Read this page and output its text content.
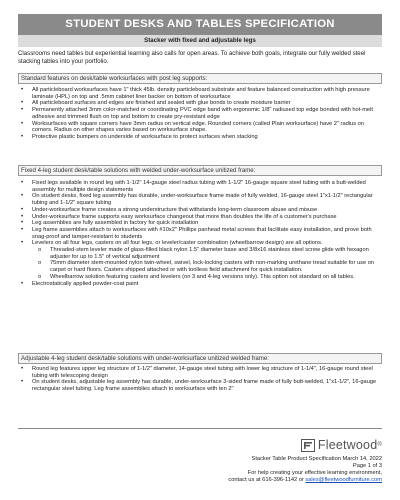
STUDENT DESKS AND TABLES SPECIFICATION
Stacker with fixed and adjustable legs
Classrooms need tables but experiential learning also calls for open areas. To achieve both goals, integrate our fully welded steel stacking tables into your portfolio.
Standard features on desk/table worksurfaces with post leg supports:
• All particleboard worksurfaces have 1" thick 45lb. density particleboard substrate and feature balanced construction with high pressure laminate (HPL) on top and .5mm cabinet liner backer on bottom of worksurface
• All particleboard surfaces and edges are finished and sealed with glue bonds to create moisture barrier
• Permanently attached 3mm color-matched or coordinating PVC edge band with ergonomic 1/8" radiused top edge bonded with hot-melt adhesive and trimmed flush on top and bottom to create pry-resistant edge
• Worksurfaces with square corners have 3mm radius on vertical edge. Rounded corners (called Plain worksurface) have 2" radius on corners. Radius on other shapes varies based on worksurface shape.
• Protective plastic bumpers on underside of worksurface to protect surfaces when stacking
Fixed 4-leg student desk/table solutions with welded under-worksurface unitized frame:
• Fixed legs available in round leg with 1-1/2" 14-gauge steel radius tubing with 1-1/2" 16-gauge square steel tubing with a butt-welded assembly for multiple design statements
• On student desks, fixed leg assembly has durable, under-worksurface frame made of fully welded, 16-gauge steel 1"x1-1/2" rectangular tubing and 1-1/2" square tubing
• Under-worksurface frame creates a strong understructure that withstands long-term classroom abuse and misuse
• Under-worksurface frame supports easy worksurface changeout that more than doubles the life of a customer's purchase
• Leg assemblies are fully assembled in factory for quick installation
• Leg frame assemblies attach to worksurfaces with #10x2" Phillips panhead metal screws that facilitate easy installation, and prove both snag-proof and tamper-resistant to students
• Levelers on all four legs, casters on all four legs, or leveler/caster combination (wheelbarrow design) are all options.
o Threaded-stem leveler made of glass-filled black nylon 1.5" diameter base and 3/8x16 stainless steel screw glide with hexagon adjuster for up to 1.5" of vertical adjustment
o 75mm diameter stem-mounted nylon twin-wheel, swivel, lock-locking casters with non-marking urethane tread suitable for use on carpet or hard floors. Casters shipped attached or with toolless field attachment for quick installation.
o Wheelbarrow solution featuring casters and levelers (on 3 and 4-leg versions only). This option not standard on all tables.
• Electrostatically applied powder-coat paint
Adjustable 4-leg student desk/table solutions with under-worksurface unitized welded frame:
• Round leg features upper leg structure of 1-1/2" diameter, 14-gauge steel tubing with lower leg structure of 1-1/4", 16-gauge round steel tubing with telescoping design
• On student desks, adjustable leg assembly has durable, under-worksurface 3-sided frame made of fully butt-welded, 1"x1-1/2", 16-gauge rectangular steel tubing. Leg frame assemblies attach to worksurface with ten 2"
Fleetwood ®
Stacker Table Product Specification March 14, 2022
Page 1 of 3
For help creating your effective learning environment,
contact us at 616-396-1142 or sales@fleetwoodfurniture.com
